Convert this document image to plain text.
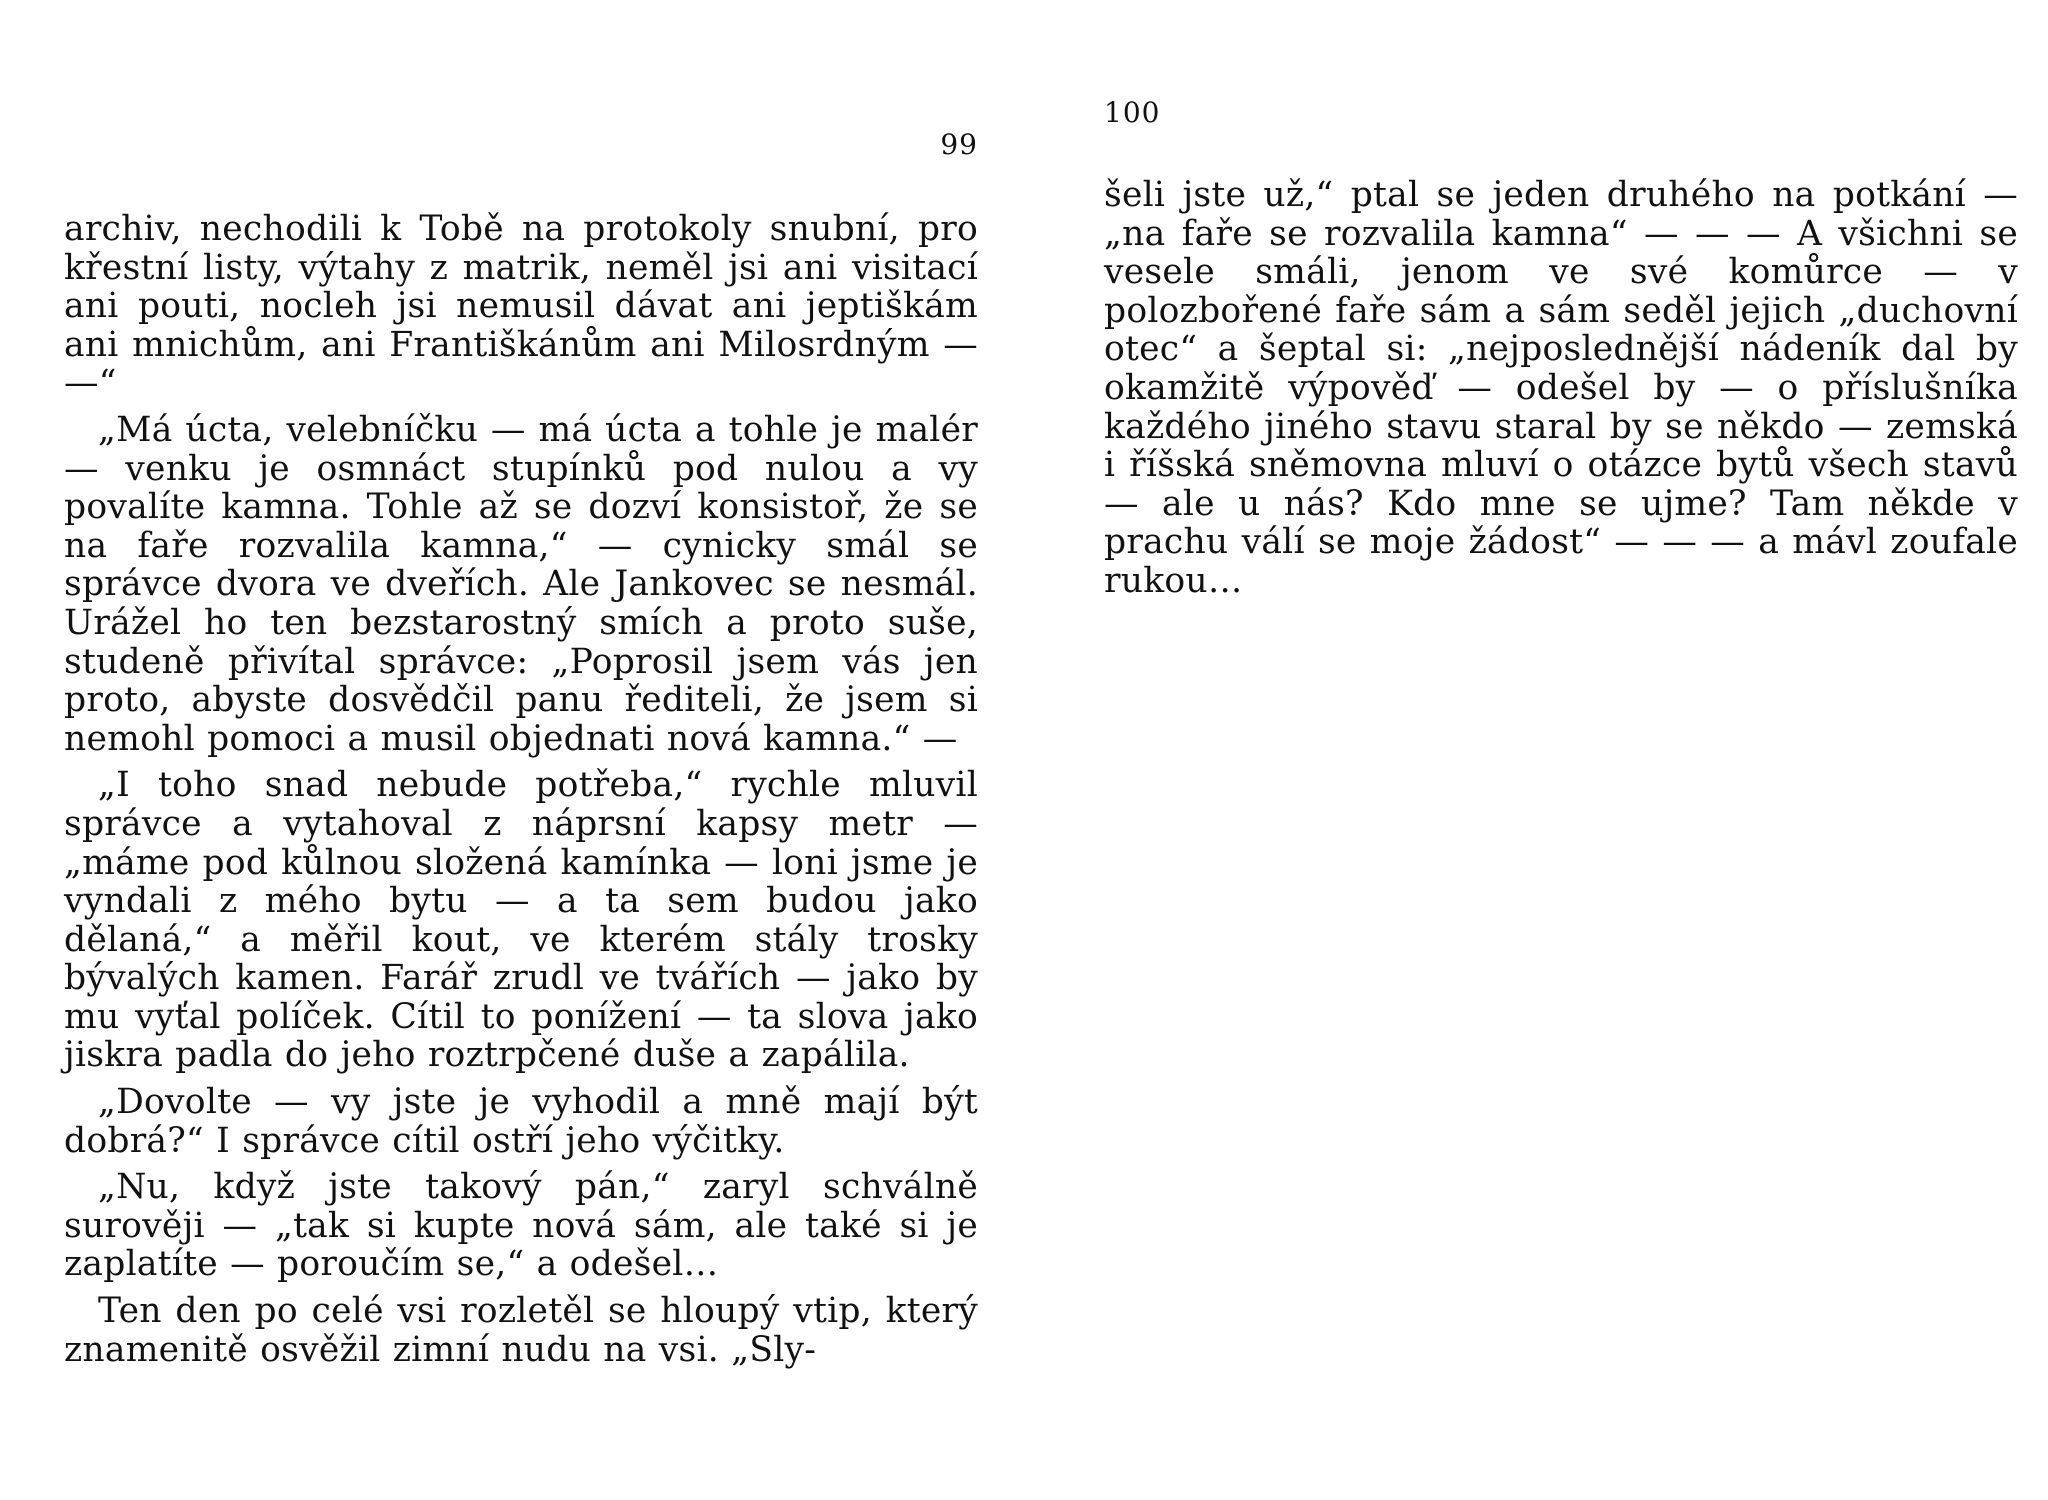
99

archiv, nechodili k Tobě na protokoly snubní, pro křestní listy, výtahy z matrik, neměl jsi ani visitací ani pouti, nocleh jsi nemusil dávat ani jeptiškám ani mnichům, ani Františkánům ani Milosrdným — —“

„Má úcta, velebníčku — má úcta a tohle je malér — venku je osmnáct stupínků pod nulou a vy povalíte kamna. Tohle až se dozví konsistoř, že se na faře rozvalila kamna,“ — cynicky smál se správce dvora ve dveřích. Ale Jankovec se nesmál. Urážel ho ten bezstarostný smích a proto suše, studeně přivítal správce: „Poprosil jsem vás jen proto, abyste dosvědčil panu řediteli, že jsem si nemohl pomoci a musil objednati nová kamna.“ —

„I toho snad nebude potřeba,“ rychle mluvil správce a vytahoval z náprsní kapsy metr — „máme pod kůlnou složená kamínka — loni jsme je vyndali z mého bytu — a ta sem budou jako dělaná,“ a měřil kout, ve kterém stály trosky bývalých kamen. Farář zrudl ve tvářích — jako by mu vyťal políček. Cítil to ponížení — ta slova jako jiskra padla do jeho roztrpčené duše a zapálila.

„Dovolte — vy jste je vyhodil a mně mají být dobrá?“ I správce cítil ostří jeho výčitky.

„Nu, když jste takový pán,“ zaryl schválně surověji — „tak si kupte nová sám, ale také si je zaplatíte — poroučím se,“ a odešel…

Ten den po celé vsi rozletěl se hloupý vtip, který znamenitě osvěžil zimní nudu na vsi. „Sly-

100

šeli jste už,“ ptal se jeden druhého na potkání — „na faře se rozvalila kamna“ — — — A všichni se vesele smáli, jenom ve své komůrce — v polozbořené faře sám a sám seděl jejich „duchovní otec“ a šeptal si: „nejposlednější nádeník dal by okamžitě výpověď — odešel by — o příslušníka každého jiného stavu staral by se někdo — zemská i říšská sněmovna mluví o otázce bytů všech stavů — ale u nás? Kdo mne se ujme? Tam někde v prachu válí se moje žádost“ — — — a mávl zoufale rukou…
